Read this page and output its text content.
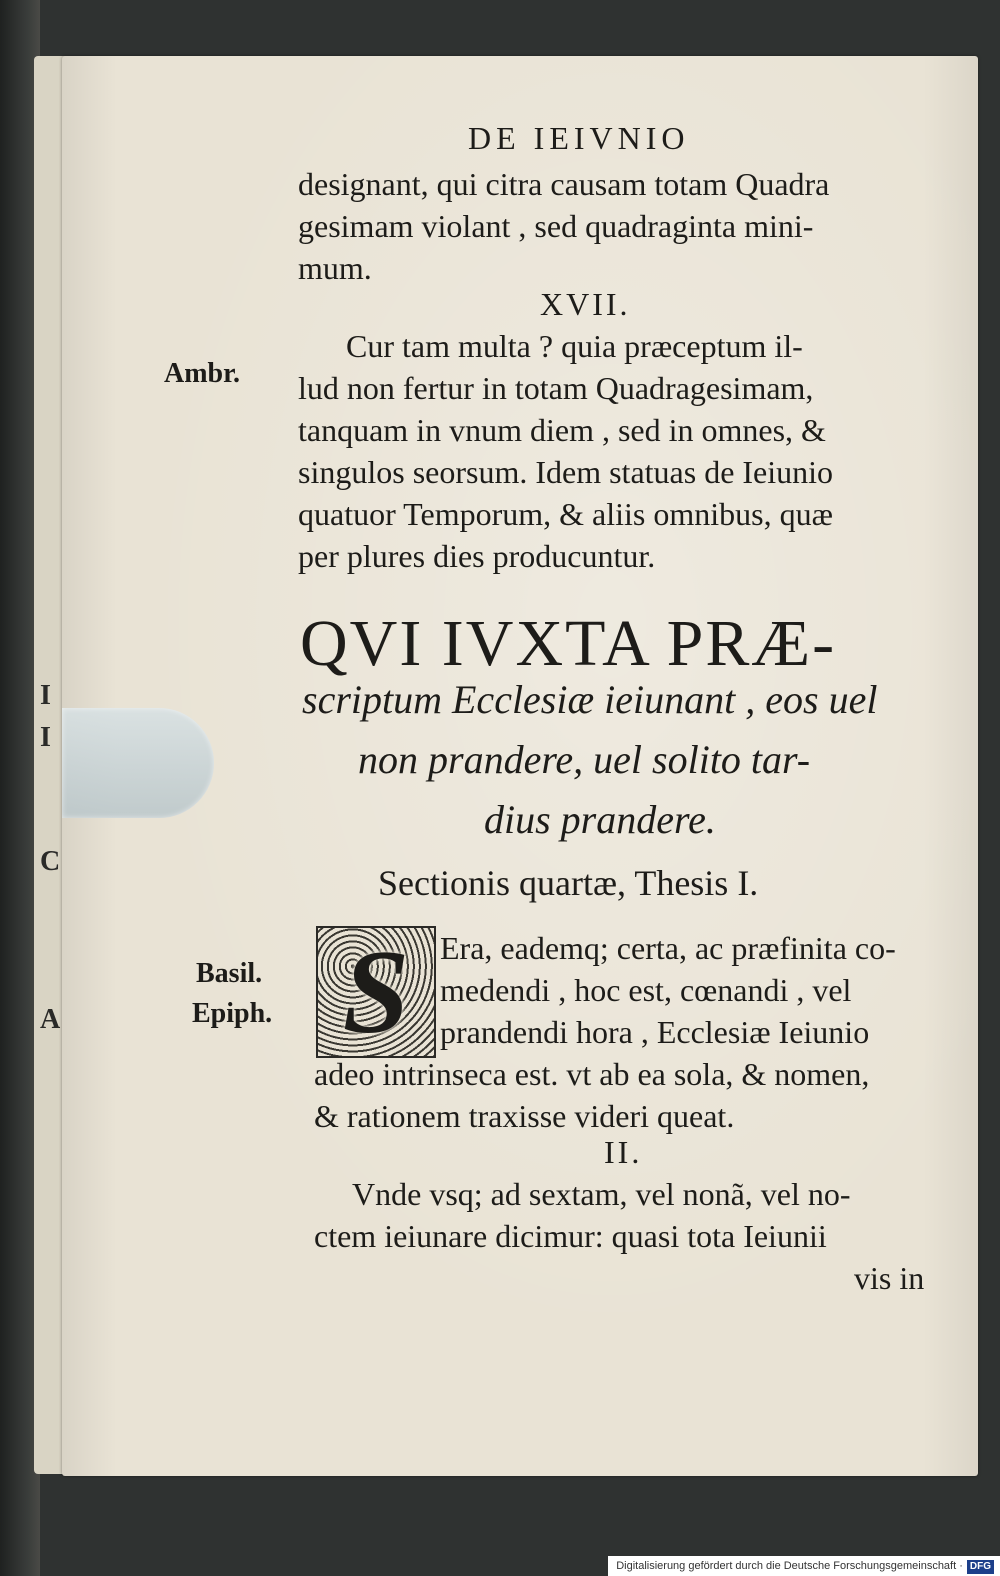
I
I
C
A
DE IEIVNIO
designant, qui citra causam totam Quadra
gesimam violant , sed quadraginta mini-
mum.
XVII.
Ambr.
Cur tam multa ? quia præceptum il-
lud non fertur in totam Quadragesimam,
tanquam in vnum diem , sed in omnes, &
singulos seorsum. Idem statuas de Ieiunio
quatuor Temporum, & aliis omnibus, quæ
per plures dies producuntur.
QVI IVXTA PRÆ-
scriptum Ecclesiæ ieiunant , eos uel
non prandere, uel solito tar-
dius prandere.
Sectionis quartæ, Thesis I.
Basil.
Epiph. S Era, eademq; certa, ac præfinita co-
medendi , hoc est, cœnandi , vel
prandendi hora , Ecclesiæ Ieiunio
adeo intrinseca est. vt ab ea sola, & nomen,
& rationem traxisse videri queat.
II.
Vnde vsq; ad sextam, vel nonã, vel no-
ctem ieiunare dicimur: quasi tota Ieiunii
vis in
Digitalisierung gefördert durch die Deutsche Forschungsgemeinschaft · DFG
